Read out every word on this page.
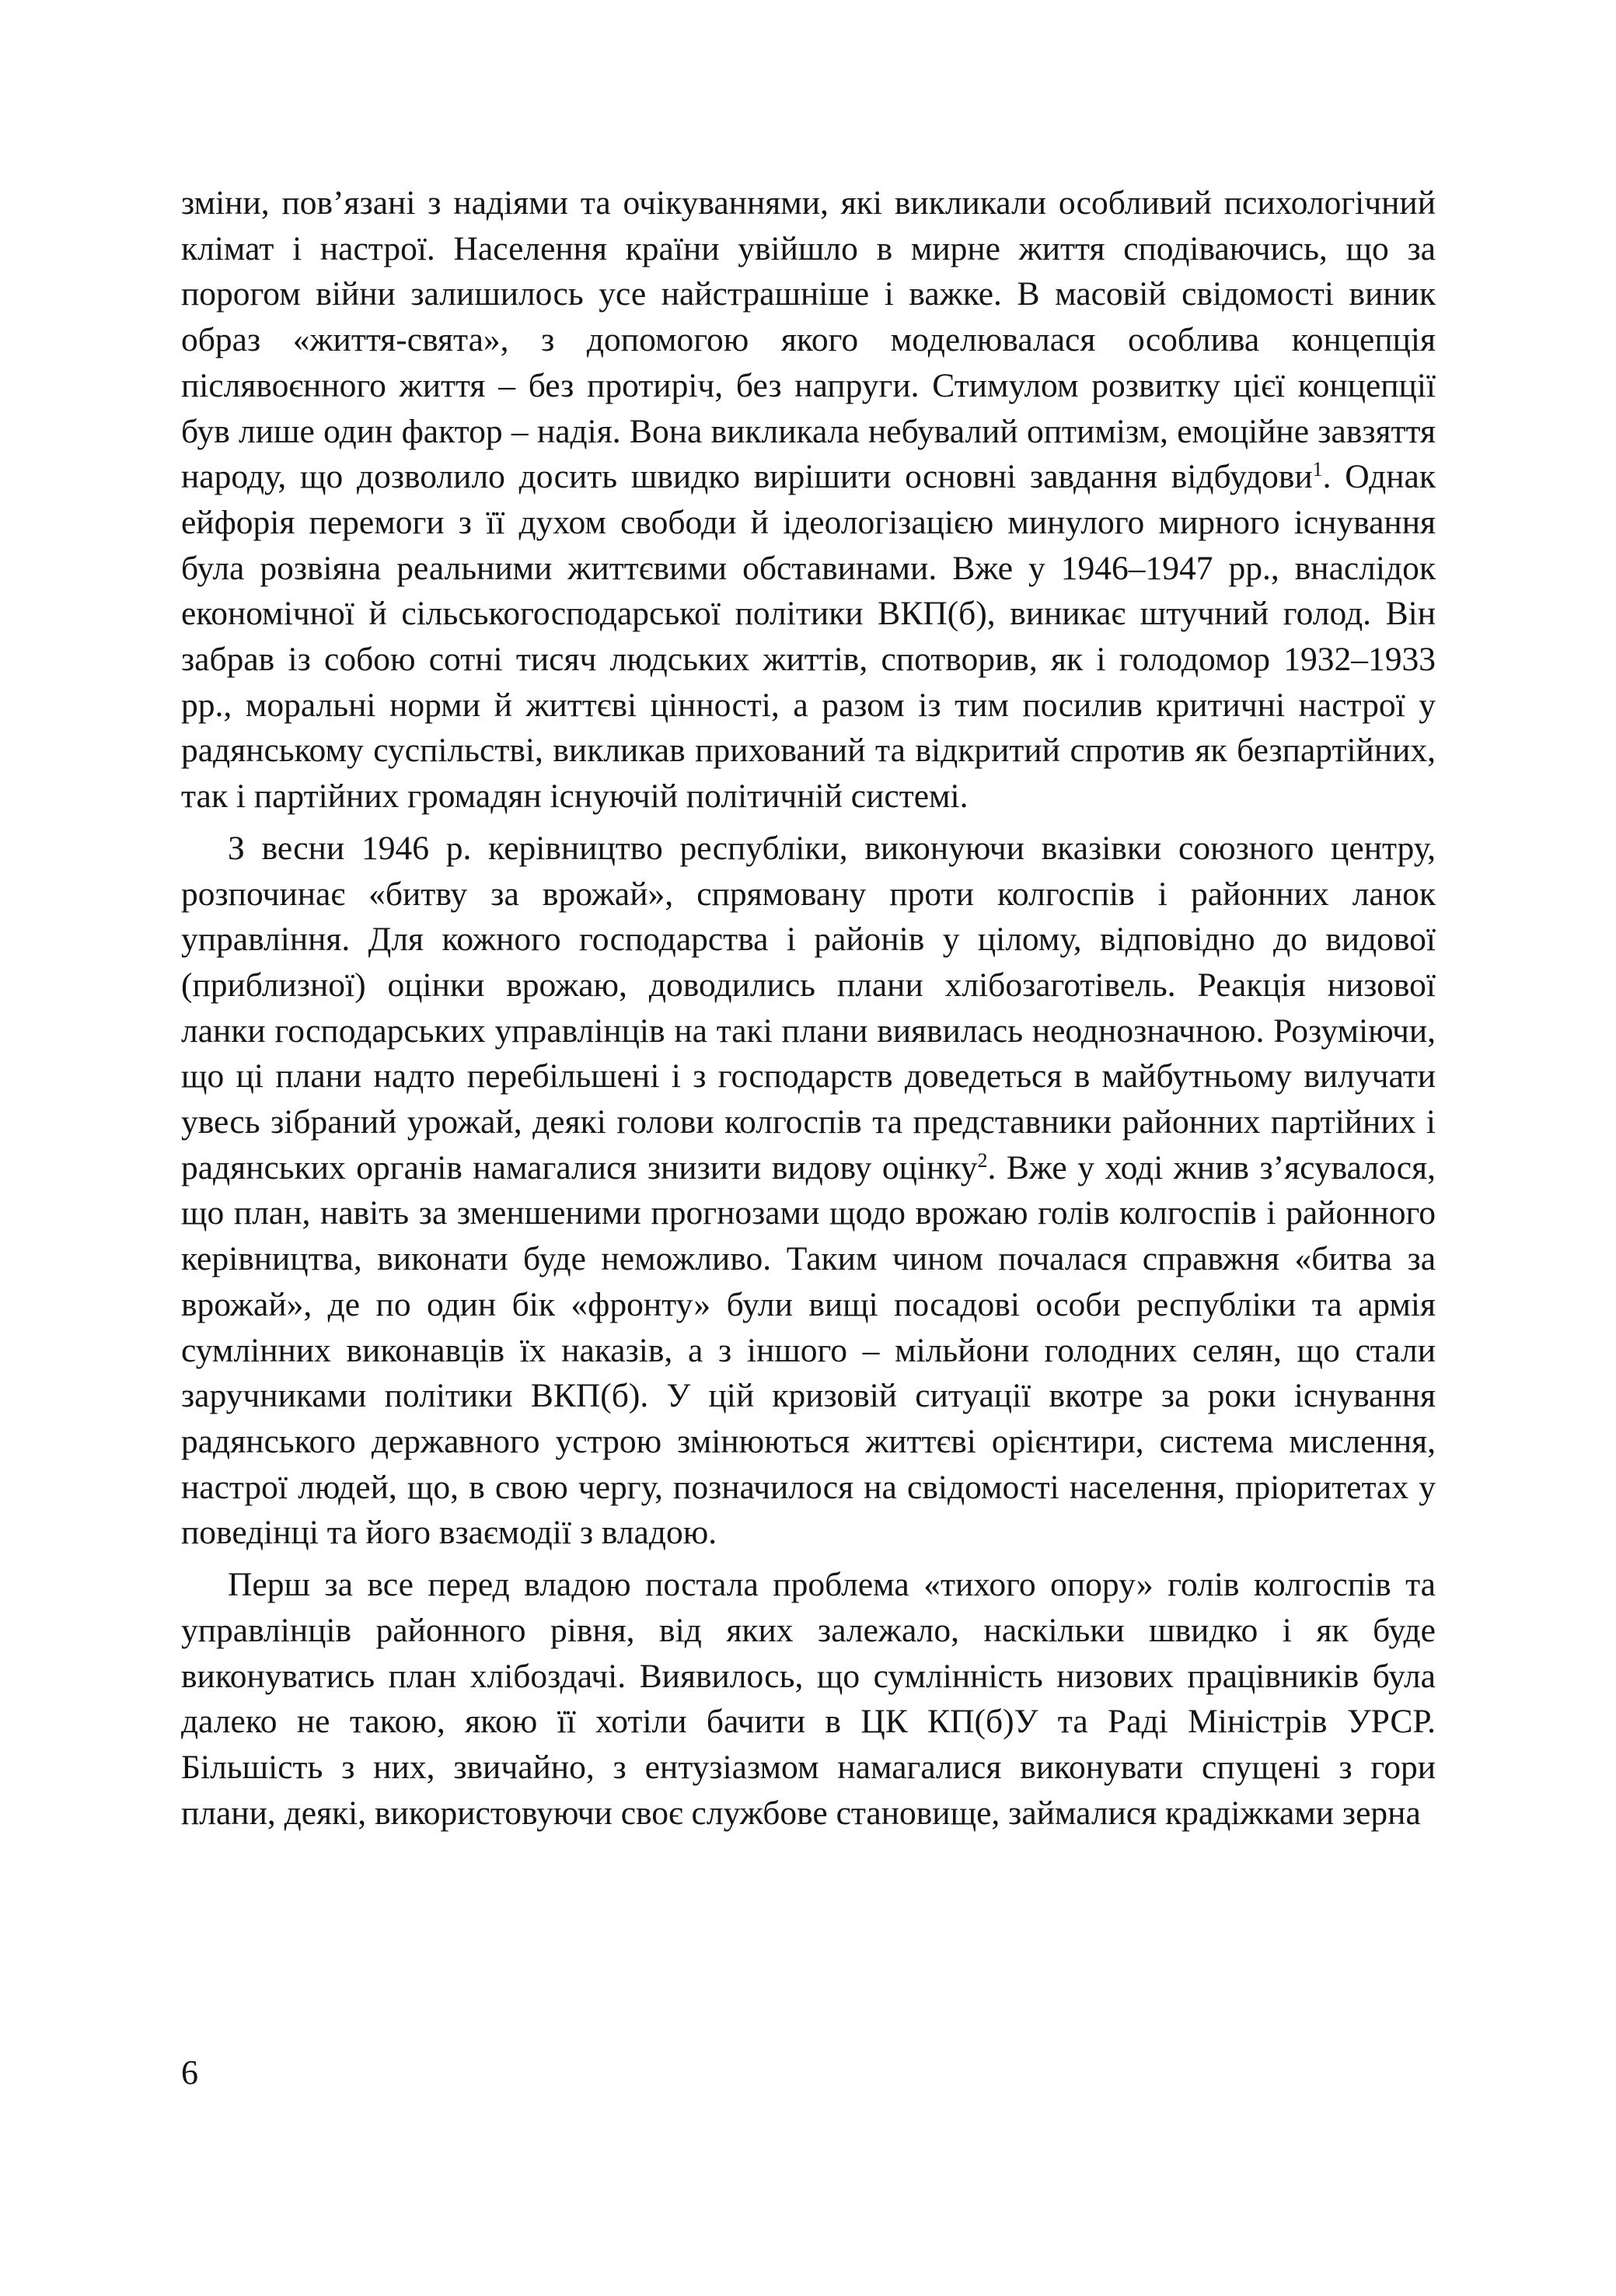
зміни, пов’язані з надіями та очікуваннями, які викликали особливий психологічний клімат і настрої. Населення країни увійшло в мирне життя сподіваючись, що за порогом війни залишилось усе найстрашніше і важке. В масовій свідомості виник образ «життя-свята», з допомогою якого моделювалася особлива концепція післявоєнного життя – без протиріч, без напруги. Стимулом розвитку цієї концепції був лише один фактор – надія. Вона викликала небувалий оптимізм, емоційне завзяття народу, що дозволило досить швидко вирішити основні завдання відбудови$^1$. Однак ейфорія перемоги з її духом свободи й ідеологізацією минулого мирного існування була розвіяна реальними життєвими обставинами. Вже у 1946–1947 рр., внаслідок економічної й сільськогосподарської політики ВКП(б), виникає штучний голод. Він забрав із собою сотні тисяч людських життів, спотворив, як і голодомор 1932–1933 рр., моральні норми й життєві цінності, а разом із тим посилив критичні настрої у радянському суспільстві, викликав прихований та відкритий спротив як безпартійних, так і партійних громадян існуючій політичній системі.

З весни 1946 р. керівництво республіки, виконуючи вказівки союзного центру, розпочинає «битву за врожай», спрямовану проти колгоспів і районних ланок управління. Для кожного господарства і районів у цілому, відповідно до видової (приблизної) оцінки врожаю, доводились плани хлібозаготівель. Реакція низової ланки господарських управлінців на такі плани виявилась неоднозначною. Розуміючи, що ці плани надто перебільшені і з господарств доведеться в майбутньому вилучати увесь зібраний урожай, деякі голови колгоспів та представники районних партійних і радянських органів намагалися знизити видову оцінку$^2$. Вже у ході жнив з’ясувалося, що план, навіть за зменшеними прогнозами щодо врожаю голів колгоспів і районного керівництва, виконати буде неможливо. Таким чином почалася справжня «битва за врожай», де по один бік «фронту» були вищі посадові особи республіки та армія сумлінних виконавців їх наказів, а з іншого – мільйони голодних селян, що стали заручниками політики ВКП(б). У цій кризовій ситуації вкотре за роки існування радянського державного устрою змінюються життєві орієнтири, система мислення, настрої людей, що, в свою чергу, позначилося на свідомості населення, пріоритетах у поведінці та його взаємодії з владою.

Перш за все перед владою постала проблема «тихого опору» голів колгоспів та управлінців районного рівня, від яких залежало, наскільки швидко і як буде виконуватись план хлібоздачі. Виявилось, що сумлінність низових працівників була далеко не такою, якою її хотіли бачити в ЦК КП(б)У та Раді Міністрів УРСР. Більшість з них, звичайно, з ентузіазмом намагалися виконувати спущені з гори плани, деякі, використовуючи своє службове становище, займалися крадіжками зерна

6
